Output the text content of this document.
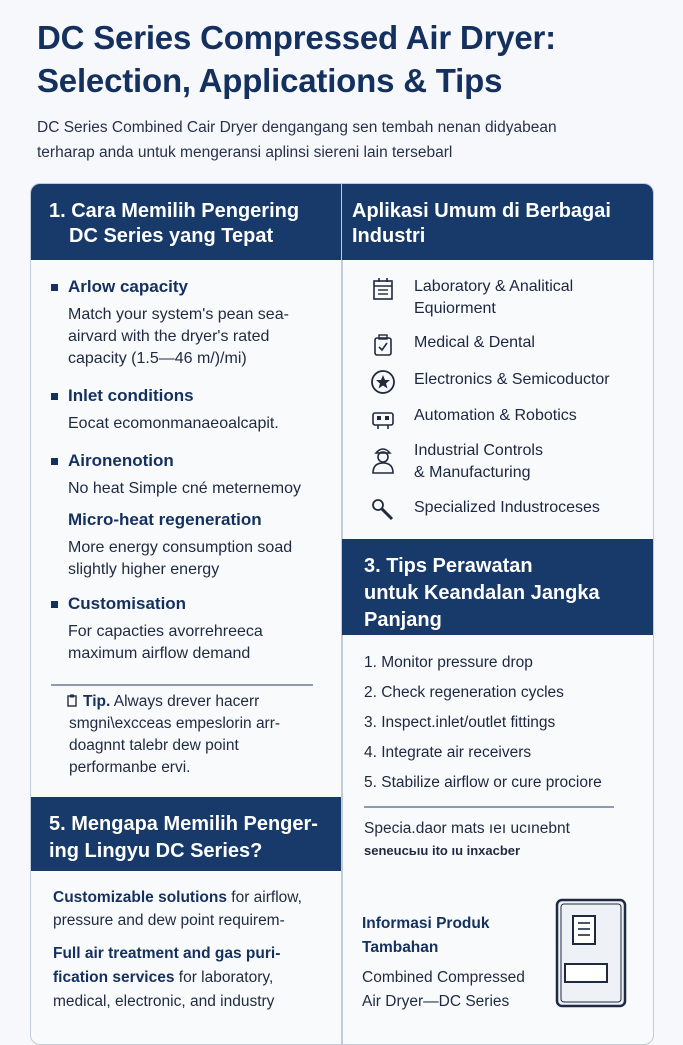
DC Series Compressed Air Dryer:
Selection, Applications & Tips
DC Series Combined Cair Dryer dengangang sen tembah nenan didyabean
terharap anda untuk mengeransi aplinsi siereni lain tersebarl
1. Cara Memilih Pengering
DC Series yang Tepat
Aplikasi Umum di Berbagai
Industri
Arlow capacity
Match your system's pean sea-
airvard with the dryer's rated
capacity (1.5—46 m/)/mi)
Inlet conditions
Eocat ecomonmanaeoalcapit.
Aironenotion
No heat Simple cné meternemoy
Micro-heat regeneration
More energy consumption soad
slightly higher energy
Customisation
For capacties avorrehreeca
maximum airflow demand
Tip. Always drever hacerr
smgni\excceas empeslorin arr-
doagnnt talebr dew point
performanbe ervi.
Laboratory & Analitical
Equiorment
Medical & Dental
Electronics & Semicoductor
Automation & Robotics
Industrial Controls
& Manufacturing
Specialized Industroceses
3. Tips Perawatan
untuk Keandalan Jangka
Panjang
1. Monitor pressure drop
2. Check regeneration cycles
3. Inspect.inlet/outlet fittings
4. Integrate air receivers
5. Stabilize airflow or cure prociore
Specia.daor mats ıeı ucınebnt
seneucьıu ito ıu inxacber
5. Mengapa Memilih Penger-
ing Lingyu DC Series?
Customizable solutions for airflow,
pressure and dew point requirem-
Full air treatment and gas puri-
fication services for laboratory,
medical, electronic, and industry
Informasi Produk
Tambahan
Combined Compressed
Air Dryer—DC Series
